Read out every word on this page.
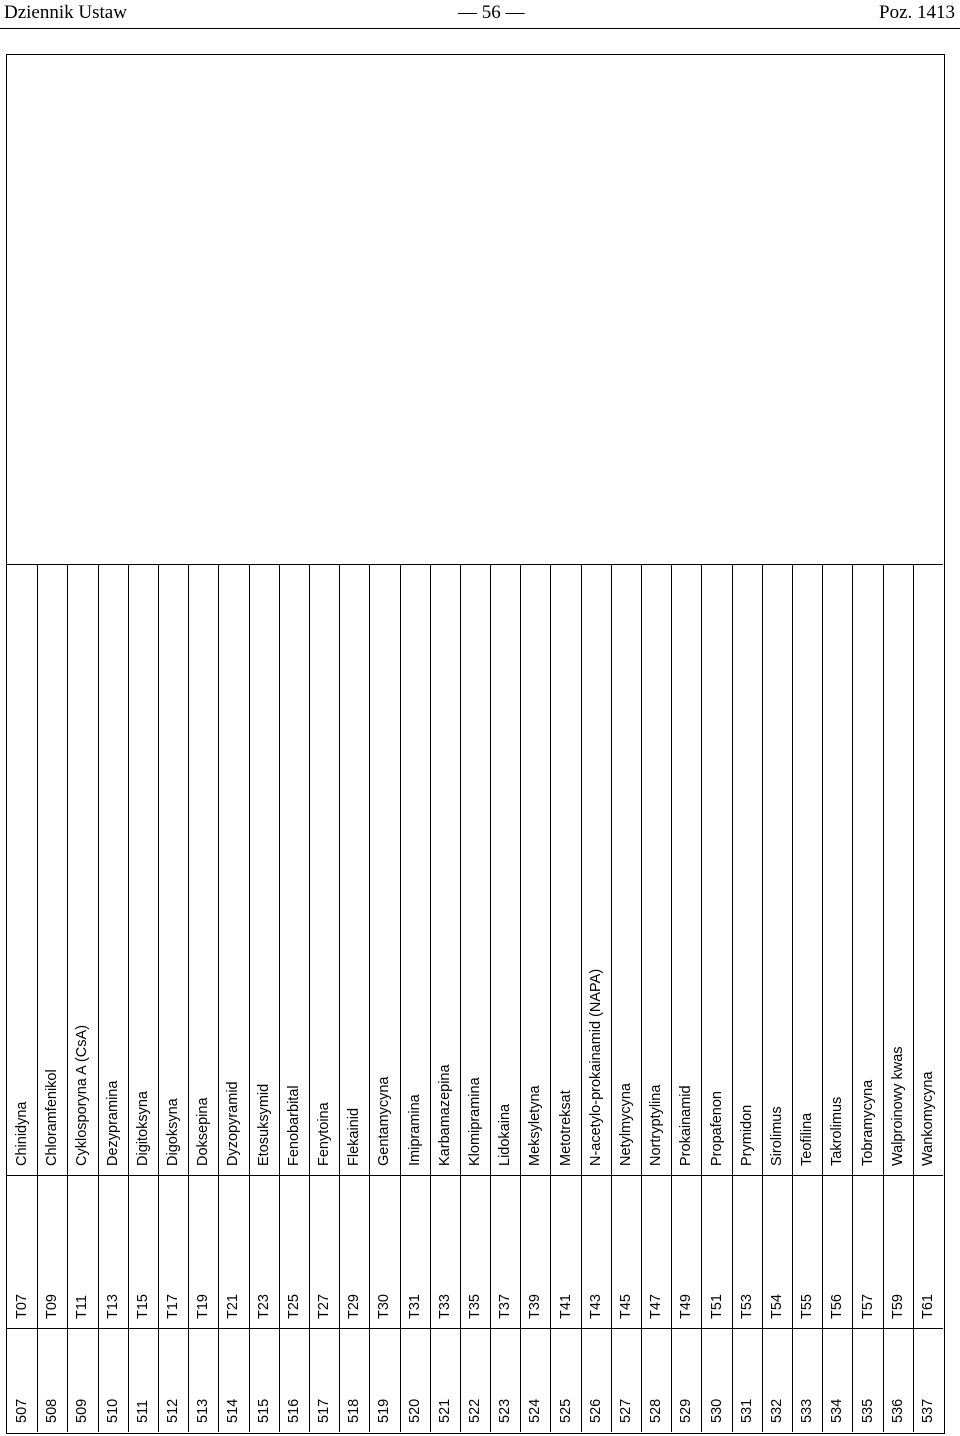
Dziennik Ustaw	— 56 —	Poz. 1413
507
T07
Chinidyna
508
T09
Chloramfenikol
509
T11
Cyklosporyna A (CsA)
510
T13
Dezypramina
511
T15
Digitoksyna
512
T17
Digoksyna
513
T19
Doksepina
514
T21
Dyzopyramid
515
T23
Etosuksymid
516
T25
Fenobarbital
517
T27
Fenytoina
518
T29
Flekainid
519
T30
Gentamycyna
520
T31
Imipramina
521
T33
Karbamazepina
522
T35
Klomipramina
523
T37
Lidokaina
524
T39
Meksyletyna
525
T41
Metotreksat
526
T43
N-acetylo-prokainamid (NAPA)
527
T45
Netylmycyna
528
T47
Nortryptylina
529
T49
Prokainamid
530
T51
Propafenon
531
T53
Prymidon
532
T54
Sirolimus
533
T55
Teofilina
534
T56
Takrolimus
535
T57
Tobramycyna
536
T59
Walproinowy kwas
537
T61
Wankomycyna
